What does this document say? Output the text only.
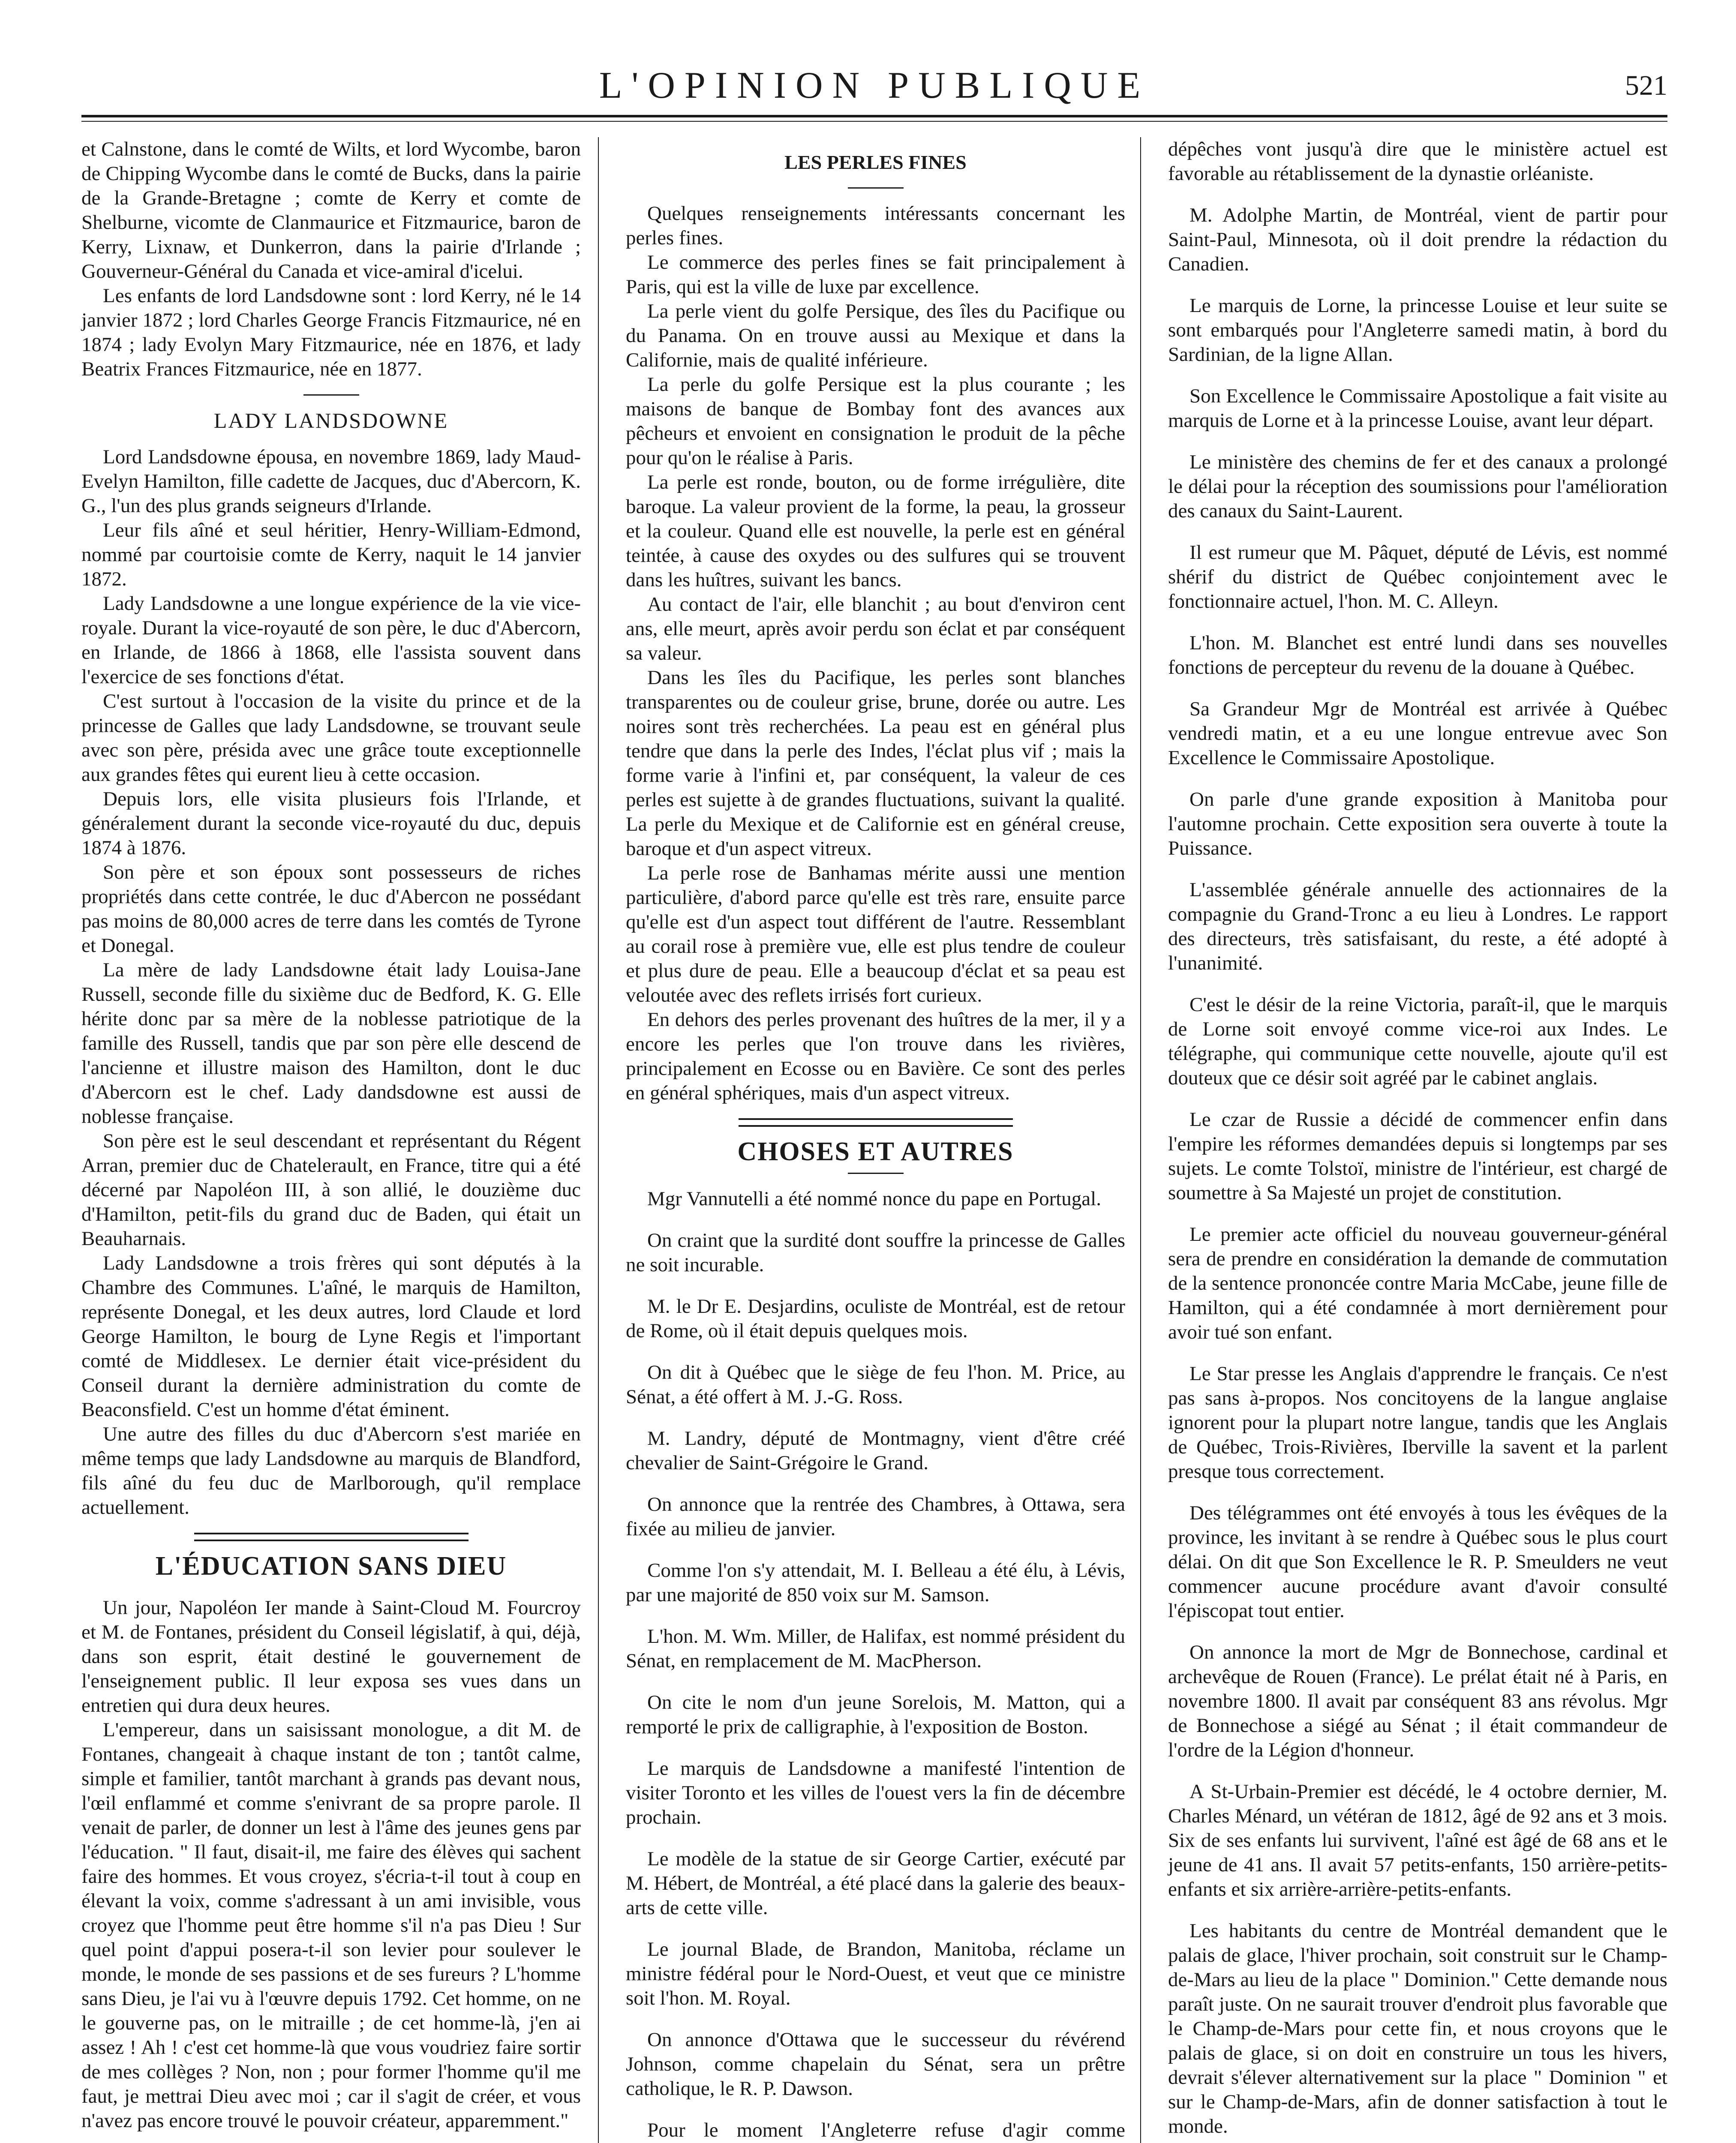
L'OPINION PUBLIQUE	521

et Calnstone, dans le comté de Wilts, et lord Wycombe, baron de Chipping Wycombe dans le comté de Bucks, dans la pairie de la Grande-Bretagne ; comte de Kerry et comte de Shelburne, vicomte de Clanmaurice et Fitzmaurice, baron de Kerry, Lixnaw, et Dunkerron, dans la pairie d'Irlande ; Gouverneur-Général du Canada et vice-amiral d'icelui.

Les enfants de lord Landsdowne sont : lord Kerry, né le 14 janvier 1872 ; lord Charles George Francis Fitzmaurice, né en 1874 ; lady Evolyn Mary Fitzmaurice, née en 1876, et lady Beatrix Frances Fitzmaurice, née en 1877.

LADY LANDSDOWNE

Lord Landsdowne épousa, en novembre 1869, lady Maud-Evelyn Hamilton, fille cadette de Jacques, duc d'Abercorn, K. G., l'un des plus grands seigneurs d'Irlande.

Leur fils aîné et seul héritier, Henry-William-Edmond, nommé par courtoisie comte de Kerry, naquit le 14 janvier 1872.

Lady Landsdowne a une longue expérience de la vie vice-royale. Durant la vice-royauté de son père, le duc d'Abercorn, en Irlande, de 1866 à 1868, elle l'assista souvent dans l'exercice de ses fonctions d'état.

C'est surtout à l'occasion de la visite du prince et de la princesse de Galles que lady Landsdowne, se trouvant seule avec son père, présida avec une grâce toute exceptionnelle aux grandes fêtes qui eurent lieu à cette occasion.

Depuis lors, elle visita plusieurs fois l'Irlande, et généralement durant la seconde vice-royauté du duc, depuis 1874 à 1876.

Son père et son époux sont possesseurs de riches propriétés dans cette contrée, le duc d'Abercon ne possédant pas moins de 80,000 acres de terre dans les comtés de Tyrone et Donegal.

La mère de lady Landsdowne était lady Louisa-Jane Russell, seconde fille du sixième duc de Bedford, K. G. Elle hérite donc par sa mère de la noblesse patriotique de la famille des Russell, tandis que par son père elle descend de l'ancienne et illustre maison des Hamilton, dont le duc d'Abercorn est le chef. Lady dandsdowne est aussi de noblesse française.

Son père est le seul descendant et représentant du Régent Arran, premier duc de Chatelerault, en France, titre qui a été décerné par Napoléon III, à son allié, le douzième duc d'Hamilton, petit-fils du grand duc de Baden, qui était un Beauharnais.

Lady Landsdowne a trois frères qui sont députés à la Chambre des Communes. L'aîné, le marquis de Hamilton, représente Donegal, et les deux autres, lord Claude et lord George Hamilton, le bourg de Lyne Regis et l'important comté de Middlesex. Le dernier était vice-président du Conseil durant la dernière administration du comte de Beaconsfield. C'est un homme d'état éminent.

Une autre des filles du duc d'Abercorn s'est mariée en même temps que lady Landsdowne au marquis de Blandford, fils aîné du feu duc de Marlborough, qu'il remplace actuellement.

L'ÉDUCATION SANS DIEU

Un jour, Napoléon Ier mande à Saint-Cloud M. Fourcroy et M. de Fontanes, président du Conseil législatif, à qui, déjà, dans son esprit, était destiné le gouvernement de l'enseignement public. Il leur exposa ses vues dans un entretien qui dura deux heures.

L'empereur, dans un saisissant monologue, a dit M. de Fontanes, changeait à chaque instant de ton ; tantôt calme, simple et familier, tantôt marchant à grands pas devant nous, l'œil enflammé et comme s'enivrant de sa propre parole. Il venait de parler, de donner un lest à l'âme des jeunes gens par l'éducation. " Il faut, disait-il, me faire des élèves qui sachent faire des hommes. Et vous croyez, s'écria-t-il tout à coup en élevant la voix, comme s'adressant à un ami invisible, vous croyez que l'homme peut être homme s'il n'a pas Dieu ! Sur quel point d'appui posera-t-il son levier pour soulever le monde, le monde de ses passions et de ses fureurs ? L'homme sans Dieu, je l'ai vu à l'œuvre depuis 1792. Cet homme, on ne le gouverne pas, on le mitraille ; de cet homme-là, j'en ai assez ! Ah ! c'est cet homme-là que vous voudriez faire sortir de mes collèges ? Non, non ; pour former l'homme qu'il me faut, je mettrai Dieu avec moi ; car il s'agit de créer, et vous n'avez pas encore trouvé le pouvoir créateur, apparemment."

LES PERLES FINES

Quelques renseignements intéressants concernant les perles fines.

Le commerce des perles fines se fait principalement à Paris, qui est la ville de luxe par excellence.

La perle vient du golfe Persique, des îles du Pacifique ou du Panama. On en trouve aussi au Mexique et dans la Californie, mais de qualité inférieure.

La perle du golfe Persique est la plus courante ; les maisons de banque de Bombay font des avances aux pêcheurs et envoient en consignation le produit de la pêche pour qu'on le réalise à Paris.

La perle est ronde, bouton, ou de forme irrégulière, dite baroque. La valeur provient de la forme, la peau, la grosseur et la couleur. Quand elle est nouvelle, la perle est en général teintée, à cause des oxydes ou des sulfures qui se trouvent dans les huîtres, suivant les bancs.

Au contact de l'air, elle blanchit ; au bout d'environ cent ans, elle meurt, après avoir perdu son éclat et par conséquent sa valeur.

Dans les îles du Pacifique, les perles sont blanches transparentes ou de couleur grise, brune, dorée ou autre. Les noires sont très recherchées. La peau est en général plus tendre que dans la perle des Indes, l'éclat plus vif ; mais la forme varie à l'infini et, par conséquent, la valeur de ces perles est sujette à de grandes fluctuations, suivant la qualité. La perle du Mexique et de Californie est en général creuse, baroque et d'un aspect vitreux.

La perle rose de Banhamas mérite aussi une mention particulière, d'abord parce qu'elle est très rare, ensuite parce qu'elle est d'un aspect tout différent de l'autre. Ressemblant au corail rose à première vue, elle est plus tendre de couleur et plus dure de peau. Elle a beaucoup d'éclat et sa peau est veloutée avec des reflets irrisés fort curieux.

En dehors des perles provenant des huîtres de la mer, il y a encore les perles que l'on trouve dans les rivières, principalement en Ecosse ou en Bavière. Ce sont des perles en général sphériques, mais d'un aspect vitreux.

CHOSES ET AUTRES

Mgr Vannutelli a été nommé nonce du pape en Portugal.

On craint que la surdité dont souffre la princesse de Galles ne soit incurable.

M. le Dr E. Desjardins, oculiste de Montréal, est de retour de Rome, où il était depuis quelques mois.

On dit à Québec que le siège de feu l'hon. M. Price, au Sénat, a été offert à M. J.-G. Ross.

M. Landry, député de Montmagny, vient d'être créé chevalier de Saint-Grégoire le Grand.

On annonce que la rentrée des Chambres, à Ottawa, sera fixée au milieu de janvier.

Comme l'on s'y attendait, M. I. Belleau a été élu, à Lévis, par une majorité de 850 voix sur M. Samson.

L'hon. M. Wm. Miller, de Halifax, est nommé président du Sénat, en remplacement de M. MacPherson.

On cite le nom d'un jeune Sorelois, M. Matton, qui a remporté le prix de calligraphie, à l'exposition de Boston.

Le marquis de Landsdowne a manifesté l'intention de visiter Toronto et les villes de l'ouest vers la fin de décembre prochain.

Le modèle de la statue de sir George Cartier, exécuté par M. Hébert, de Montréal, a été placé dans la galerie des beaux-arts de cette ville.

Le journal Blade, de Brandon, Manitoba, réclame un ministre fédéral pour le Nord-Ouest, et veut que ce ministre soit l'hon. M. Royal.

On annonce d'Ottawa que le successeur du révérend Johnson, comme chapelain du Sénat, sera un prêtre catholique, le R. P. Dawson.

Pour le moment l'Angleterre refuse d'agir comme

dépêches vont jusqu'à dire que le ministère actuel est favorable au rétablissement de la dynastie orléaniste.

M. Adolphe Martin, de Montréal, vient de partir pour Saint-Paul, Minnesota, où il doit prendre la rédaction du Canadien.

Le marquis de Lorne, la princesse Louise et leur suite se sont embarqués pour l'Angleterre samedi matin, à bord du Sardinian, de la ligne Allan.

Son Excellence le Commissaire Apostolique a fait visite au marquis de Lorne et à la princesse Louise, avant leur départ.

Le ministère des chemins de fer et des canaux a prolongé le délai pour la réception des soumissions pour l'amélioration des canaux du Saint-Laurent.

Il est rumeur que M. Pâquet, député de Lévis, est nommé shérif du district de Québec conjointement avec le fonctionnaire actuel, l'hon. M. C. Alleyn.

L'hon. M. Blanchet est entré lundi dans ses nouvelles fonctions de percepteur du revenu de la douane à Québec.

Sa Grandeur Mgr de Montréal est arrivée à Québec vendredi matin, et a eu une longue entrevue avec Son Excellence le Commissaire Apostolique.

On parle d'une grande exposition à Manitoba pour l'automne prochain. Cette exposition sera ouverte à toute la Puissance.

L'assemblée générale annuelle des actionnaires de la compagnie du Grand-Tronc a eu lieu à Londres. Le rapport des directeurs, très satisfaisant, du reste, a été adopté à l'unanimité.

C'est le désir de la reine Victoria, paraît-il, que le marquis de Lorne soit envoyé comme vice-roi aux Indes. Le télégraphe, qui communique cette nouvelle, ajoute qu'il est douteux que ce désir soit agréé par le cabinet anglais.

Le czar de Russie a décidé de commencer enfin dans l'empire les réformes demandées depuis si longtemps par ses sujets. Le comte Tolstoï, ministre de l'intérieur, est chargé de soumettre à Sa Majesté un projet de constitution.

Le premier acte officiel du nouveau gouverneur-général sera de prendre en considération la demande de commutation de la sentence prononcée contre Maria McCabe, jeune fille de Hamilton, qui a été condamnée à mort dernièrement pour avoir tué son enfant.

Le Star presse les Anglais d'apprendre le français. Ce n'est pas sans à-propos. Nos concitoyens de la langue anglaise ignorent pour la plupart notre langue, tandis que les Anglais de Québec, Trois-Rivières, Iberville la savent et la parlent presque tous correctement.

Des télégrammes ont été envoyés à tous les évêques de la province, les invitant à se rendre à Québec sous le plus court délai. On dit que Son Excellence le R. P. Smeulders ne veut commencer aucune procédure avant d'avoir consulté l'épiscopat tout entier.

On annonce la mort de Mgr de Bonnechose, cardinal et archevêque de Rouen (France). Le prélat était né à Paris, en novembre 1800. Il avait par conséquent 83 ans révolus. Mgr de Bonnechose a siégé au Sénat ; il était commandeur de l'ordre de la Légion d'honneur.

A St-Urbain-Premier est décédé, le 4 octobre dernier, M. Charles Ménard, un vétéran de 1812, âgé de 92 ans et 3 mois. Six de ses enfants lui survivent, l'aîné est âgé de 68 ans et le jeune de 41 ans. Il avait 57 petits-enfants, 150 arrière-petits-enfants et six arrière-arrière-petits-enfants.

Les habitants du centre de Montréal demandent que le palais de glace, l'hiver prochain, soit construit sur le Champ-de-Mars au lieu de la place " Dominion." Cette demande nous paraît juste. On ne saurait trouver d'endroit plus favorable que le Champ-de-Mars pour cette fin, et nous croyons que le palais de glace, si on doit en construire un tous les hivers, devrait s'élever alternativement sur la place " Dominion " et sur le Champ-de-Mars, afin de donner satisfaction à tout le monde.
